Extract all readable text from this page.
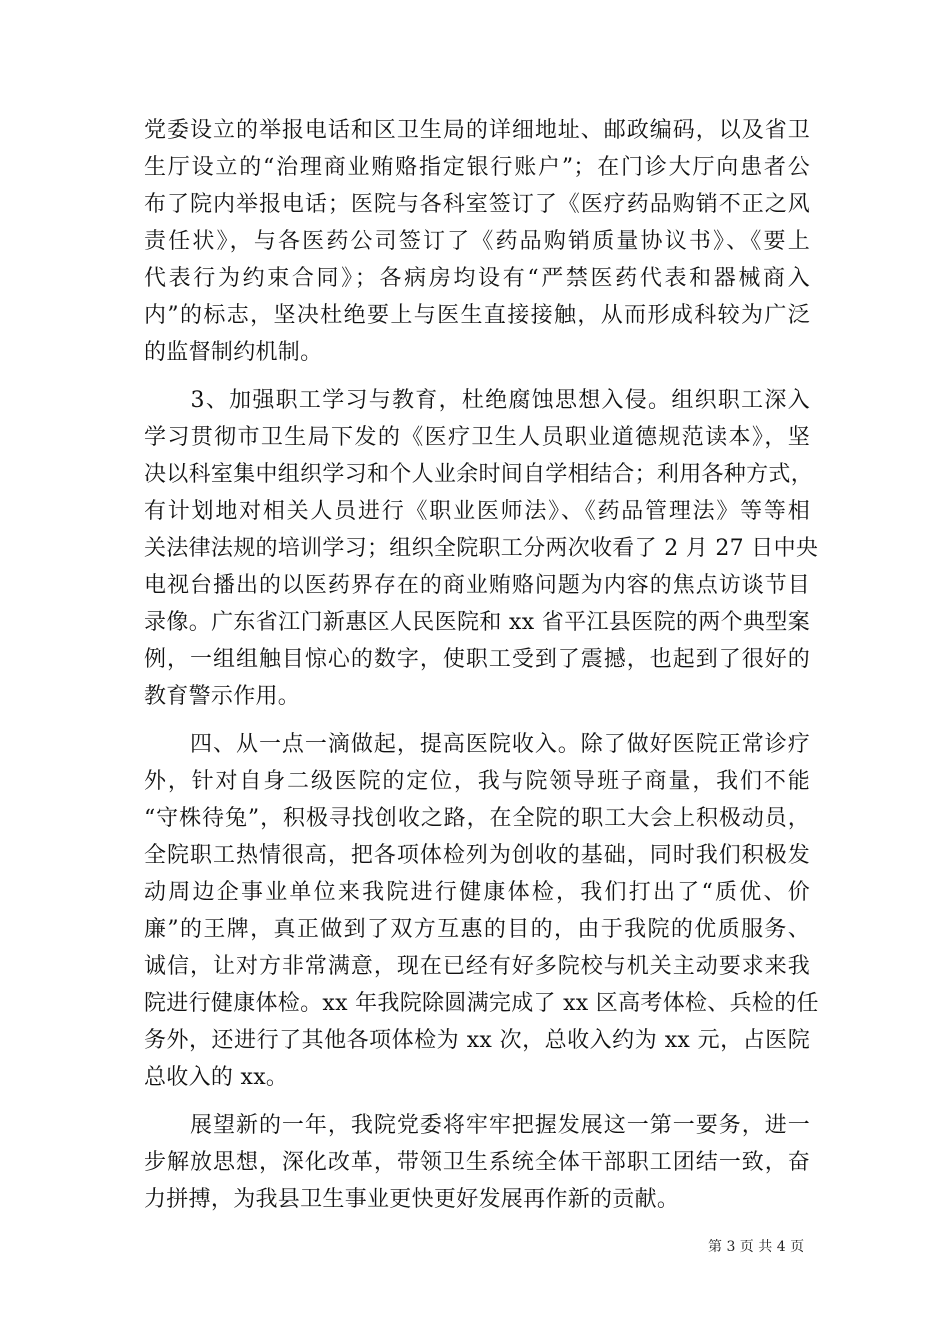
党委设立的举报电话和区卫生局的详细地址、邮政编码，以及省卫
生厅设立的“治理商业贿赂指定银行账户”；在门诊大厅向患者公
布了院内举报电话；医院与各科室签订了《医疗药品购销不正之风
责任状》，与各医药公司签订了《药品购销质量协议书》、《要上
代表行为约束合同》；各病房均设有“严禁医药代表和器械商入
内”的标志，坚决杜绝要上与医生直接接触，从而形成科较为广泛
的监督制约机制。
　　3、加强职工学习与教育，杜绝腐蚀思想入侵。组织职工深入
学习贯彻市卫生局下发的《医疗卫生人员职业道德规范读本》，坚
决以科室集中组织学习和个人业余时间自学相结合；利用各种方式，
有计划地对相关人员进行《职业医师法》、《药品管理法》等等相
关法律法规的培训学习；组织全院职工分两次收看了 2 月 27 日中央
电视台播出的以医药界存在的商业贿赂问题为内容的焦点访谈节目
录像。广东省江门新惠区人民医院和 xx 省平江县医院的两个典型案
例，一组组触目惊心的数字，使职工受到了震撼，也起到了很好的
教育警示作用。
　　四、从一点一滴做起，提高医院收入。除了做好医院正常诊疗
外，针对自身二级医院的定位，我与院领导班子商量，我们不能
“守株待兔”，积极寻找创收之路，在全院的职工大会上积极动员，
全院职工热情很高，把各项体检列为创收的基础，同时我们积极发
动周边企事业单位来我院进行健康体检，我们打出了“质优、价
廉”的王牌，真正做到了双方互惠的目的，由于我院的优质服务、
诚信，让对方非常满意，现在已经有好多院校与机关主动要求来我
院进行健康体检。xx 年我院除圆满完成了 xx 区高考体检、兵检的任
务外，还进行了其他各项体检为 xx 次，总收入约为 xx 元，占医院
总收入的 xx。
　　展望新的一年，我院党委将牢牢把握发展这一第一要务，进一
步解放思想，深化改革，带领卫生系统全体干部职工团结一致，奋
力拼搏，为我县卫生事业更快更好发展再作新的贡献。
第 3 页 共 4 页
